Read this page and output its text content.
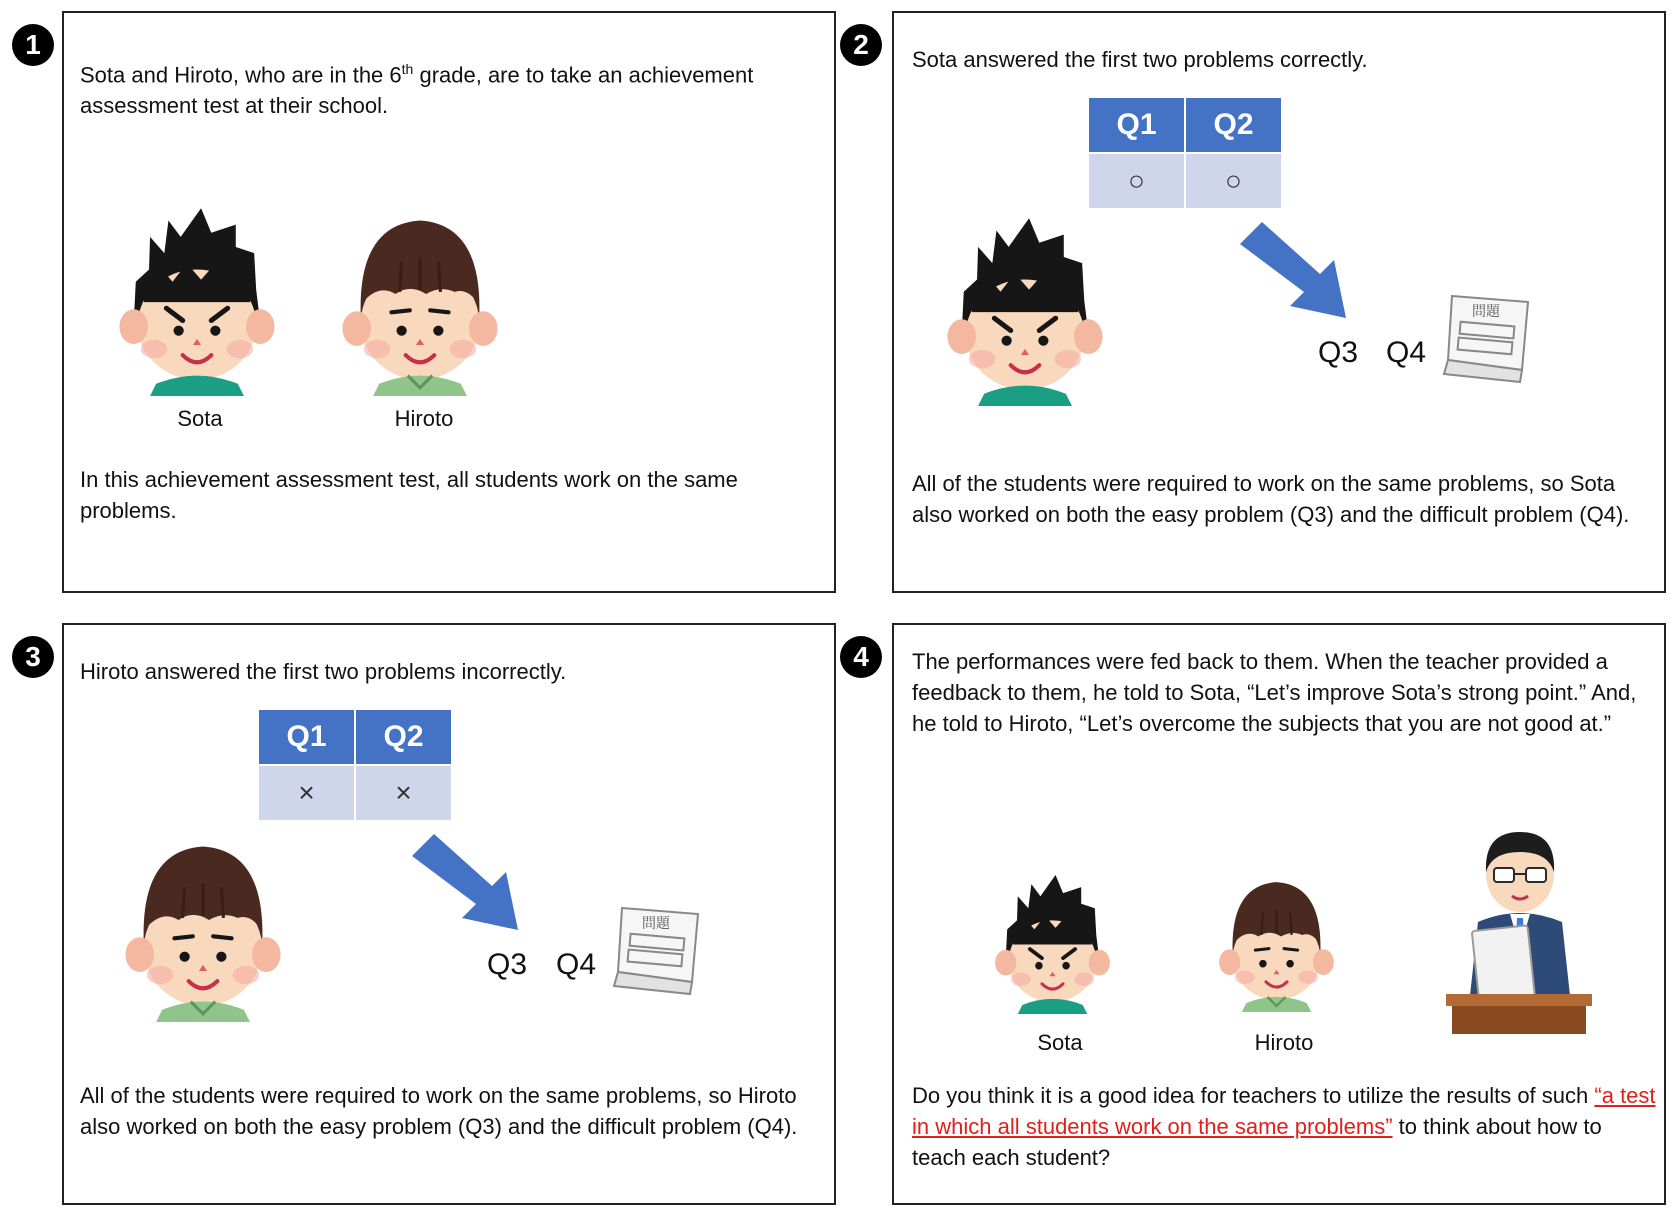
1
Sota and Hiroto, who are in the 6th grade, are to take an achievement assessment test at their school.
Sota	Hiroto
In this achievement assessment test, all students work on the same problems.
2	Sota answered the first two problems correctly.
Q1	Q2
○	○
Q3 Q4
問題
All of the students were required to work on the same problems, so Sota also worked on both the easy problem (Q3) and the difficult problem (Q4).
3	Hiroto answered the first two problems incorrectly.
Q1	Q2
×	×
Q3 Q4
問題
All of the students were required to work on the same problems, so Hiroto also worked on both the easy problem (Q3) and the difficult problem (Q4).
4	The performances were fed back to them. When the teacher provided a feedback to them, he told to Sota, “Let’s improve Sota’s strong point.” And, he told to Hiroto, “Let’s overcome the subjects that you are not good at.”
Sota	Hiroto
Do you think it is a good idea for teachers to utilize the results of such “a test in which all students work on the same problems” to think about how to teach each student?
